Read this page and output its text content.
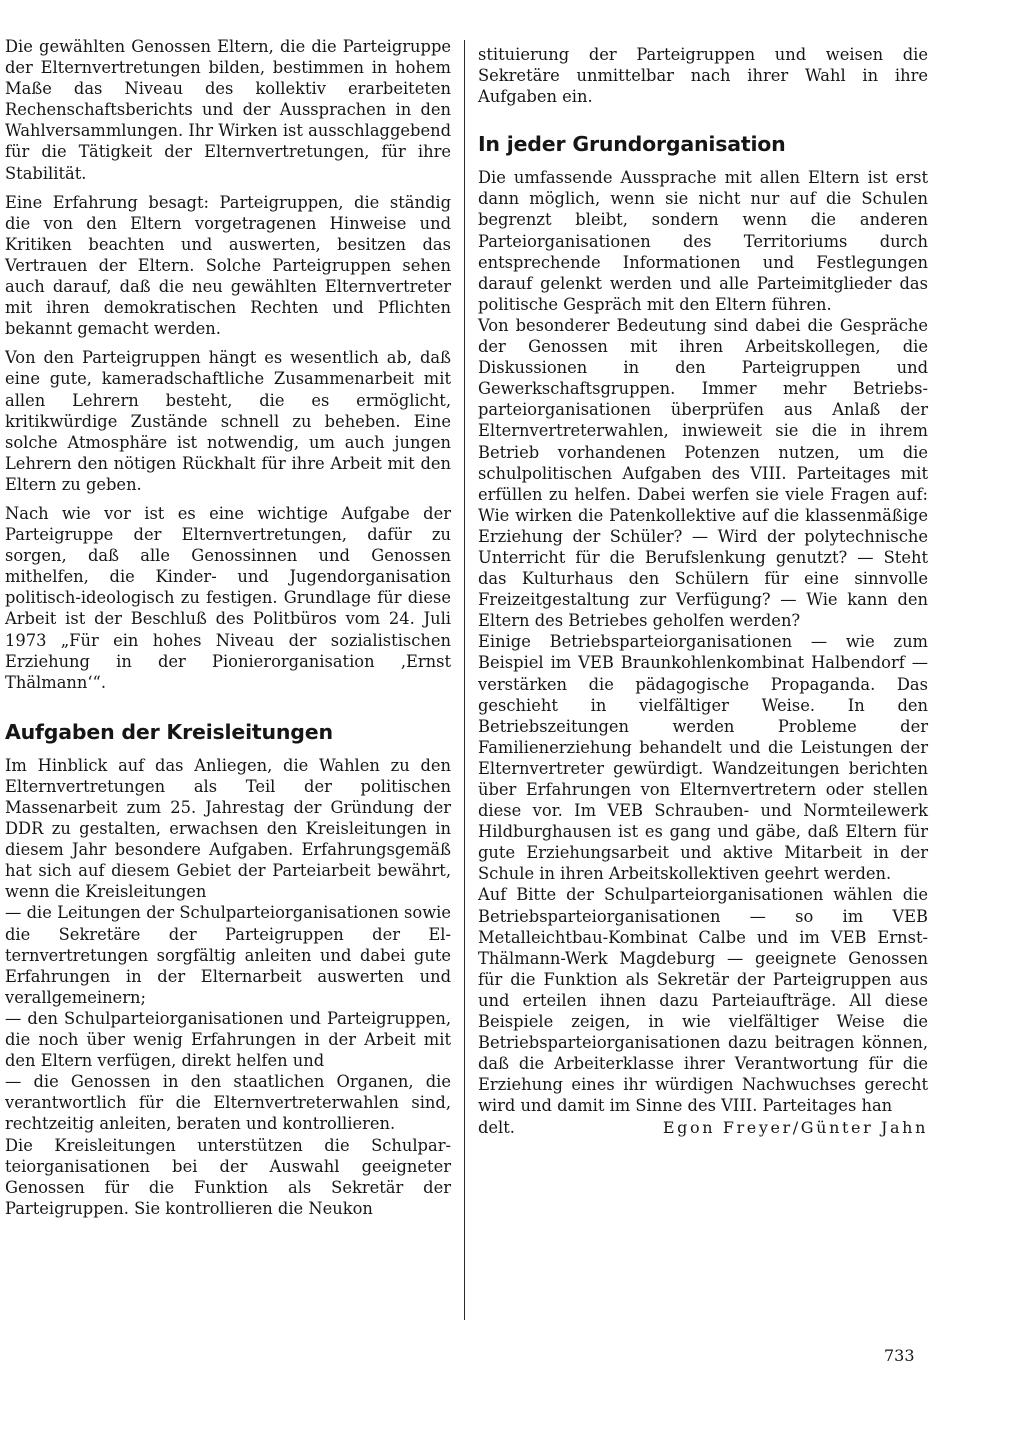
Die gewählten Genossen Eltern, die die Parteigruppe der Elternvertretungen bilden, bestimmen in hohem Maße das Niveau des kollektiv erarbeiteten Rechenschaftsberichts und der Aussprachen in den Wahlversammlungen. Ihr Wirken ist ausschlaggebend für die Tätigkeit der Elternvertretungen, für ihre Stabilität.

Eine Erfahrung besagt: Parteigruppen, die ständig die von den Eltern vorgetragenen Hinweise und Kritiken beachten und auswerten, besitzen das Vertrauen der Eltern. Solche Parteigruppen sehen auch darauf, daß die neu gewählten Elternvertreter mit ihren demokratischen Rechten und Pflichten bekannt gemacht werden.

Von den Parteigruppen hängt es wesentlich ab, daß eine gute, kameradschaftliche Zusammenarbeit mit allen Lehrern besteht, die es ermöglicht, kritikwürdige Zustände schnell zu beheben. Eine solche Atmosphäre ist notwendig, um auch jungen Lehrern den nötigen Rückhalt für ihre Arbeit mit den Eltern zu geben.

Nach wie vor ist es eine wichtige Aufgabe der Parteigruppe der Elternvertretungen, dafür zu sorgen, daß alle Genossinnen und Genossen mithelfen, die Kinder- und Jugendorganisation politisch-ideologisch zu festigen. Grundlage für diese Arbeit ist der Beschluß des Politbüros vom 24. Juli 1973 „Für ein hohes Niveau der sozialistischen Erziehung in der Pionierorganisation ‚Ernst Thälmann‘“.

Aufgaben der Kreisleitungen

Im Hinblick auf das Anliegen, die Wahlen zu den Elternvertretungen als Teil der politischen Massenarbeit zum 25. Jahrestag der Gründung der DDR zu gestalten, erwachsen den Kreisleitungen in diesem Jahr besondere Aufgaben. Erfahrungsgemäß hat sich auf diesem Gebiet der Parteiarbeit bewährt, wenn die Kreisleitungen

— die Leitungen der Schulparteiorganisationen sowie die Sekretäre der Parteigruppen der Elternvertretungen sorgfältig anleiten und dabei gute Erfahrungen in der Elternarbeit auswerten und verallgemeinern;

— den Schulparteiorganisationen und Parteigruppen, die noch über wenig Erfahrungen in der Arbeit mit den Eltern verfügen, direkt helfen und

— die Genossen in den staatlichen Organen, die verantwortlich für die Elternvertreterwahlen sind, rechtzeitig anleiten, beraten und kontrollieren.

Die Kreisleitungen unterstützen die Schulparteiorganisationen bei der Auswahl geeigneter Genossen für die Funktion als Sekretär der Parteigruppen. Sie kontrollieren die Neukon

stituierung der Parteigruppen und weisen die Sekretäre unmittelbar nach ihrer Wahl in ihre Aufgaben ein.

In jeder Grundorganisation

Die umfassende Aussprache mit allen Eltern ist erst dann möglich, wenn sie nicht nur auf die Schulen begrenzt bleibt, sondern wenn die anderen Parteiorganisationen des Territoriums durch entsprechende Informationen und Festlegungen darauf gelenkt werden und alle Parteimitglieder das politische Gespräch mit den Eltern führen.

Von besonderer Bedeutung sind dabei die Gespräche der Genossen mit ihren Arbeitskollegen, die Diskussionen in den Parteigruppen und Gewerkschaftsgruppen. Immer mehr Betriebsparteiorganisationen überprüfen aus Anlaß der Elternvertreterwahlen, inwieweit sie die in ihrem Betrieb vorhandenen Potenzen nutzen, um die schulpolitischen Aufgaben des VIII. Parteitages mit erfüllen zu helfen. Dabei werfen sie viele Fragen auf: Wie wirken die Patenkollektive auf die klassenmäßige Erziehung der Schüler? — Wird der polytechnische Unterricht für die Berufslenkung genutzt? — Steht das Kulturhaus den Schülern für eine sinnvolle Freizeitgestaltung zur Verfügung? — Wie kann den Eltern des Betriebes geholfen werden?

Einige Betriebsparteiorganisationen — wie zum Beispiel im VEB Braunkohlenkombinat Halbendorf — verstärken die pädagogische Propaganda. Das geschieht in vielfältiger Weise. In den Betriebszeitungen werden Probleme der Familienerziehung behandelt und die Leistungen der Elternvertreter gewürdigt. Wandzeitungen berichten über Erfahrungen von Elternvertretern oder stellen diese vor. Im VEB Schrauben- und Normteilewerk Hildburghausen ist es gang und gäbe, daß Eltern für gute Erziehungsarbeit und aktive Mitarbeit in der Schule in ihren Arbeitskollektiven geehrt werden.

Auf Bitte der Schulparteiorganisationen wählen die Betriebsparteiorganisationen — so im VEB Metalleichtbau-Kombinat Calbe und im VEB Ernst-Thälmann-Werk Magdeburg — geeignete Genossen für die Funktion als Sekretär der Parteigruppen aus und erteilen ihnen dazu Parteiaufträge. All diese Beispiele zeigen, in wie vielfältiger Weise die Betriebsparteiorganisationen dazu beitragen können, daß die Arbeiterklasse ihrer Verantwortung für die Erziehung eines ihr würdigen Nachwuchses gerecht wird und damit im Sinne des VIII. Parteitages han

delt.	Egon Freyer/Günter Jahn
733
